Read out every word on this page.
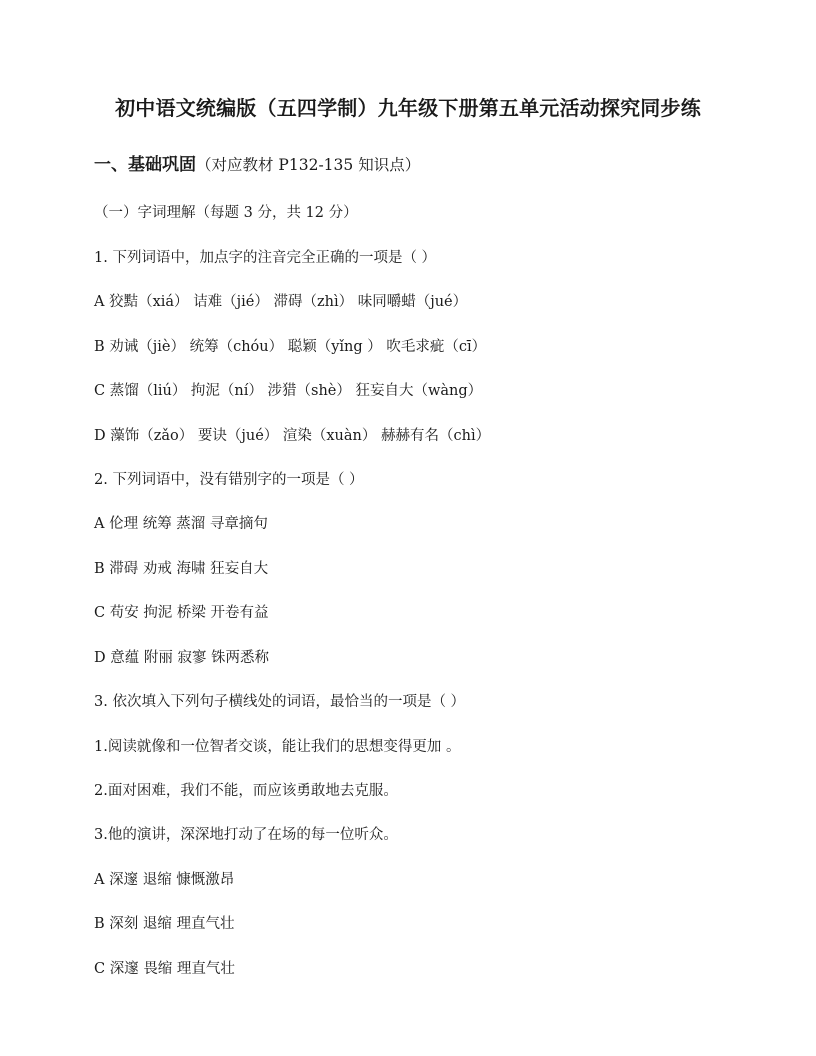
初中语文统编版（五四学制）九年级下册第五单元活动探究同步练
一、基础巩固（对应教材 P132-135 知识点）
（一）字词理解（每题 3 分，共 12 分）
1. 下列词语中，加点字的注音完全正确的一项是（ ）
A 狡黠（xiá） 诘难（jié） 滞碍（zhì） 味同嚼蜡（jué）
B 劝诫（jiè） 统筹（chóu） 聪颖（yǐng ） 吹毛求疵（cī）
C 蒸馏（liú） 拘泥（ní） 涉猎（shè） 狂妄自大（wàng）
D 藻饰（zǎo） 要诀（jué） 渲染（xuàn） 赫赫有名（chì）
2. 下列词语中，没有错别字的一项是（ ）
A 伦理 统筹 蒸溜 寻章摘句
B 滞碍 劝戒 海啸 狂妄自大
C 苟安 拘泥 桥梁 开卷有益
D 意蕴 附丽 寂寥 铢两悉称
3. 依次填入下列句子横线处的词语，最恰当的一项是（ ）
1.阅读就像和一位智者交谈，能让我们的思想变得更加 。
2.面对困难，我们不能，而应该勇敢地去克服。
3.他的演讲，深深地打动了在场的每一位听众。
A 深邃 退缩 慷慨激昂
B 深刻 退缩 理直气壮
C 深邃 畏缩 理直气壮
